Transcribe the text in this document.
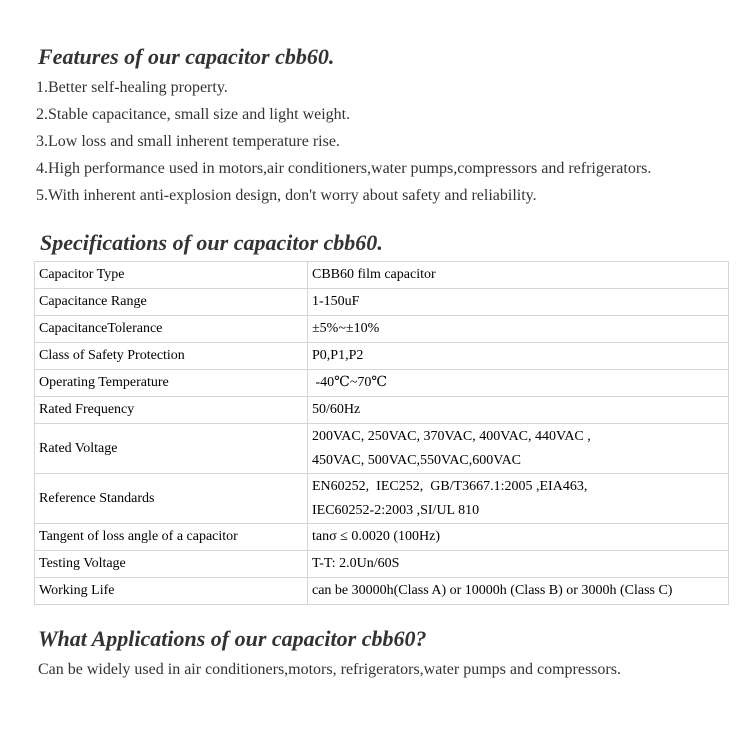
Features of our capacitor cbb60.
1.Better self-healing property.
2.Stable capacitance, small size and light weight.
3.Low loss and small inherent temperature rise.
4.High performance used in motors,air conditioners,water pumps,compressors and refrigerators.
5.With inherent anti-explosion design, don't worry about safety and reliability.
Specifications of our capacitor cbb60.
Capacitor Type	CBB60 film capacitor
Capacitance Range	1-150uF
CapacitanceTolerance	±5%~±10%
Class of Safety Protection	P0,P1,P2
Operating Temperature	-40℃~70℃
Rated Frequency	50/60Hz
Rated Voltage	200VAC, 250VAC, 370VAC, 400VAC, 440VAC ,
450VAC, 500VAC,550VAC,600VAC

Reference Standards	EN60252,  IEC252,  GB/T3667.1:2005 ,EIA463,
IEC60252-2:2003 ,SI/UL 810

Tangent of loss angle of a capacitor	tanσ ≤ 0.0020 (100Hz)
Testing Voltage	T-T: 2.0Un/60S
Working Life	can be 30000h(Class A) or 10000h (Class B) or 3000h (Class C)
What Applications of our capacitor cbb60?
Can be widely used in air conditioners,motors, refrigerators,water pumps and compressors.
